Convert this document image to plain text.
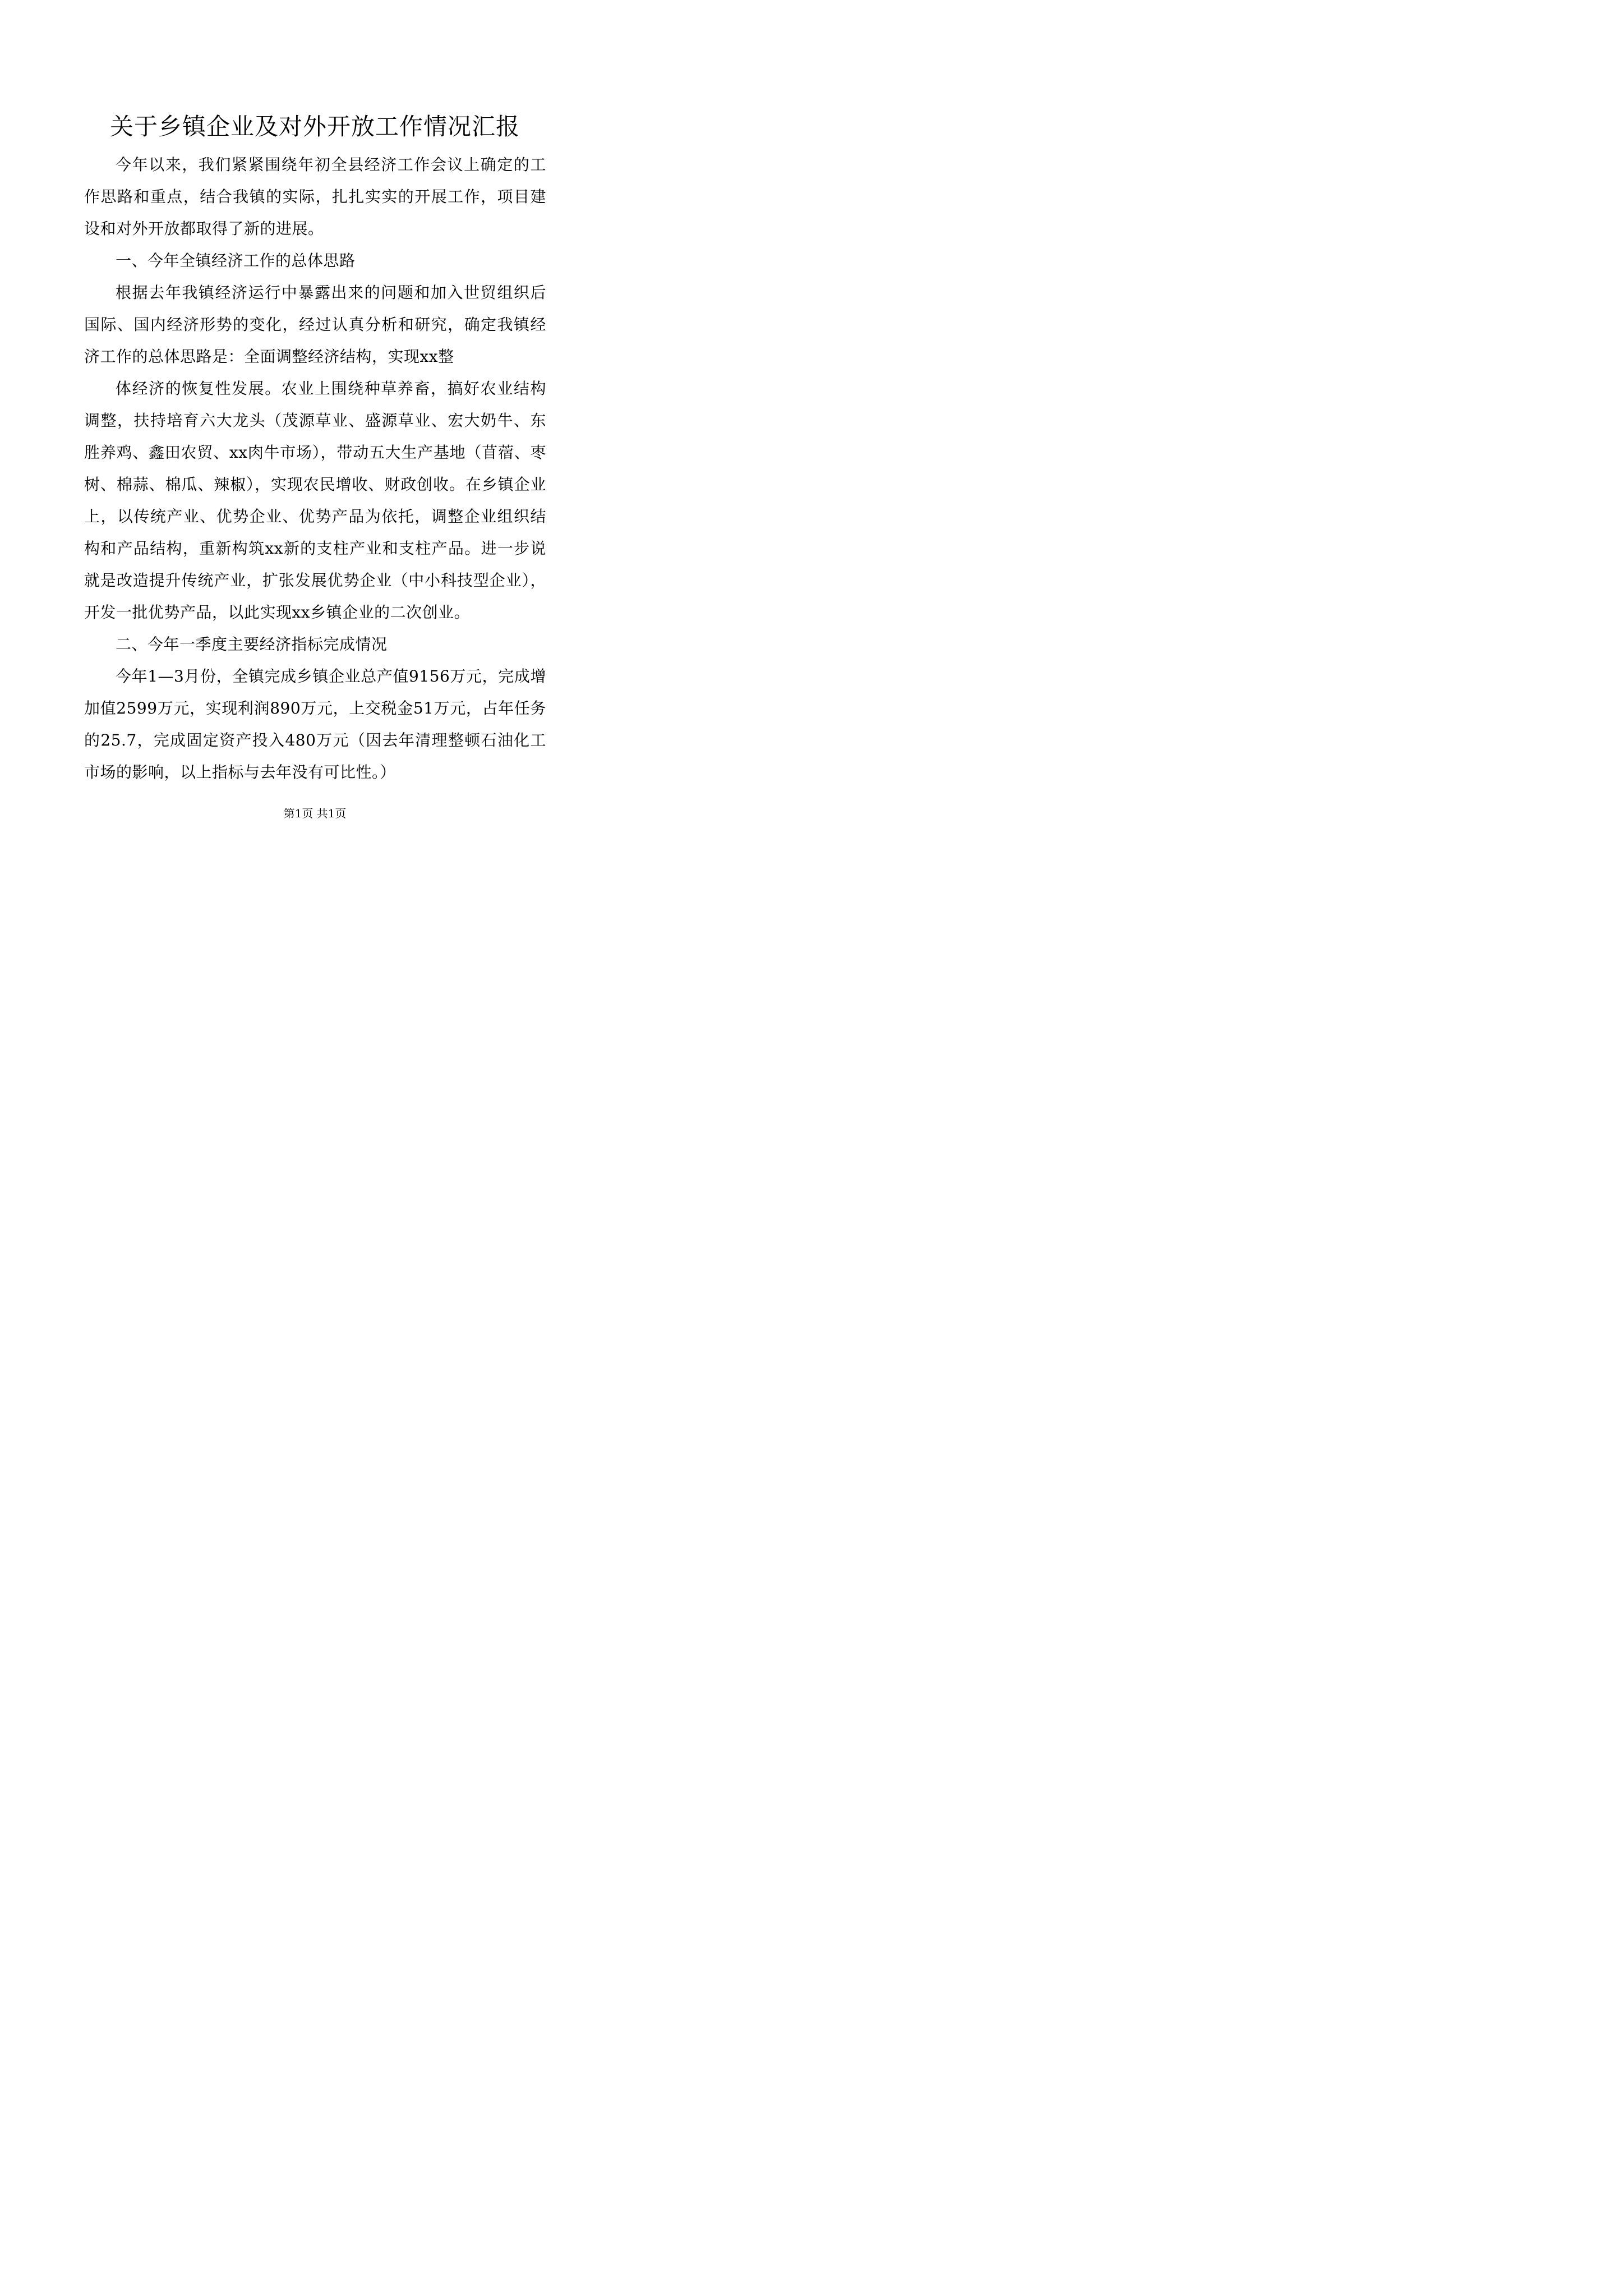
关于乡镇企业及对外开放工作情况汇报

今年以来，我们紧紧围绕年初全县经济工作会议上确定的工作思路和重点，结合我镇的实际，扎扎实实的开展工作，项目建设和对外开放都取得了新的进展。

一、今年全镇经济工作的总体思路

根据去年我镇经济运行中暴露出来的问题和加入世贸组织后国际、国内经济形势的变化，经过认真分析和研究，确定我镇经济工作的总体思路是：全面调整经济结构，实现xx整

体经济的恢复性发展。农业上围绕种草养畜，搞好农业结构调整，扶持培育六大龙头（茂源草业、盛源草业、宏大奶牛、东胜养鸡、鑫田农贸、xx肉牛市场），带动五大生产基地（苜蓿、枣树、棉蒜、棉瓜、辣椒），实现农民增收、财政创收。在乡镇企业上，以传统产业、优势企业、优势产品为依托，调整企业组织结构和产品结构，重新构筑xx新的支柱产业和支柱产品。进一步说就是改造提升传统产业，扩张发展优势企业（中小科技型企业），开发一批优势产品，以此实现xx乡镇企业的二次创业。

二、今年一季度主要经济指标完成情况

今年1—3月份，全镇完成乡镇企业总产值9156万元，完成增加值2599万元，实现利润890万元，上交税金51万元，占年任务的25.7，完成固定资产投入480万元（因去年清理整顿石油化工市场的影响，以上指标与去年没有可比性。）

第1页 共1页
